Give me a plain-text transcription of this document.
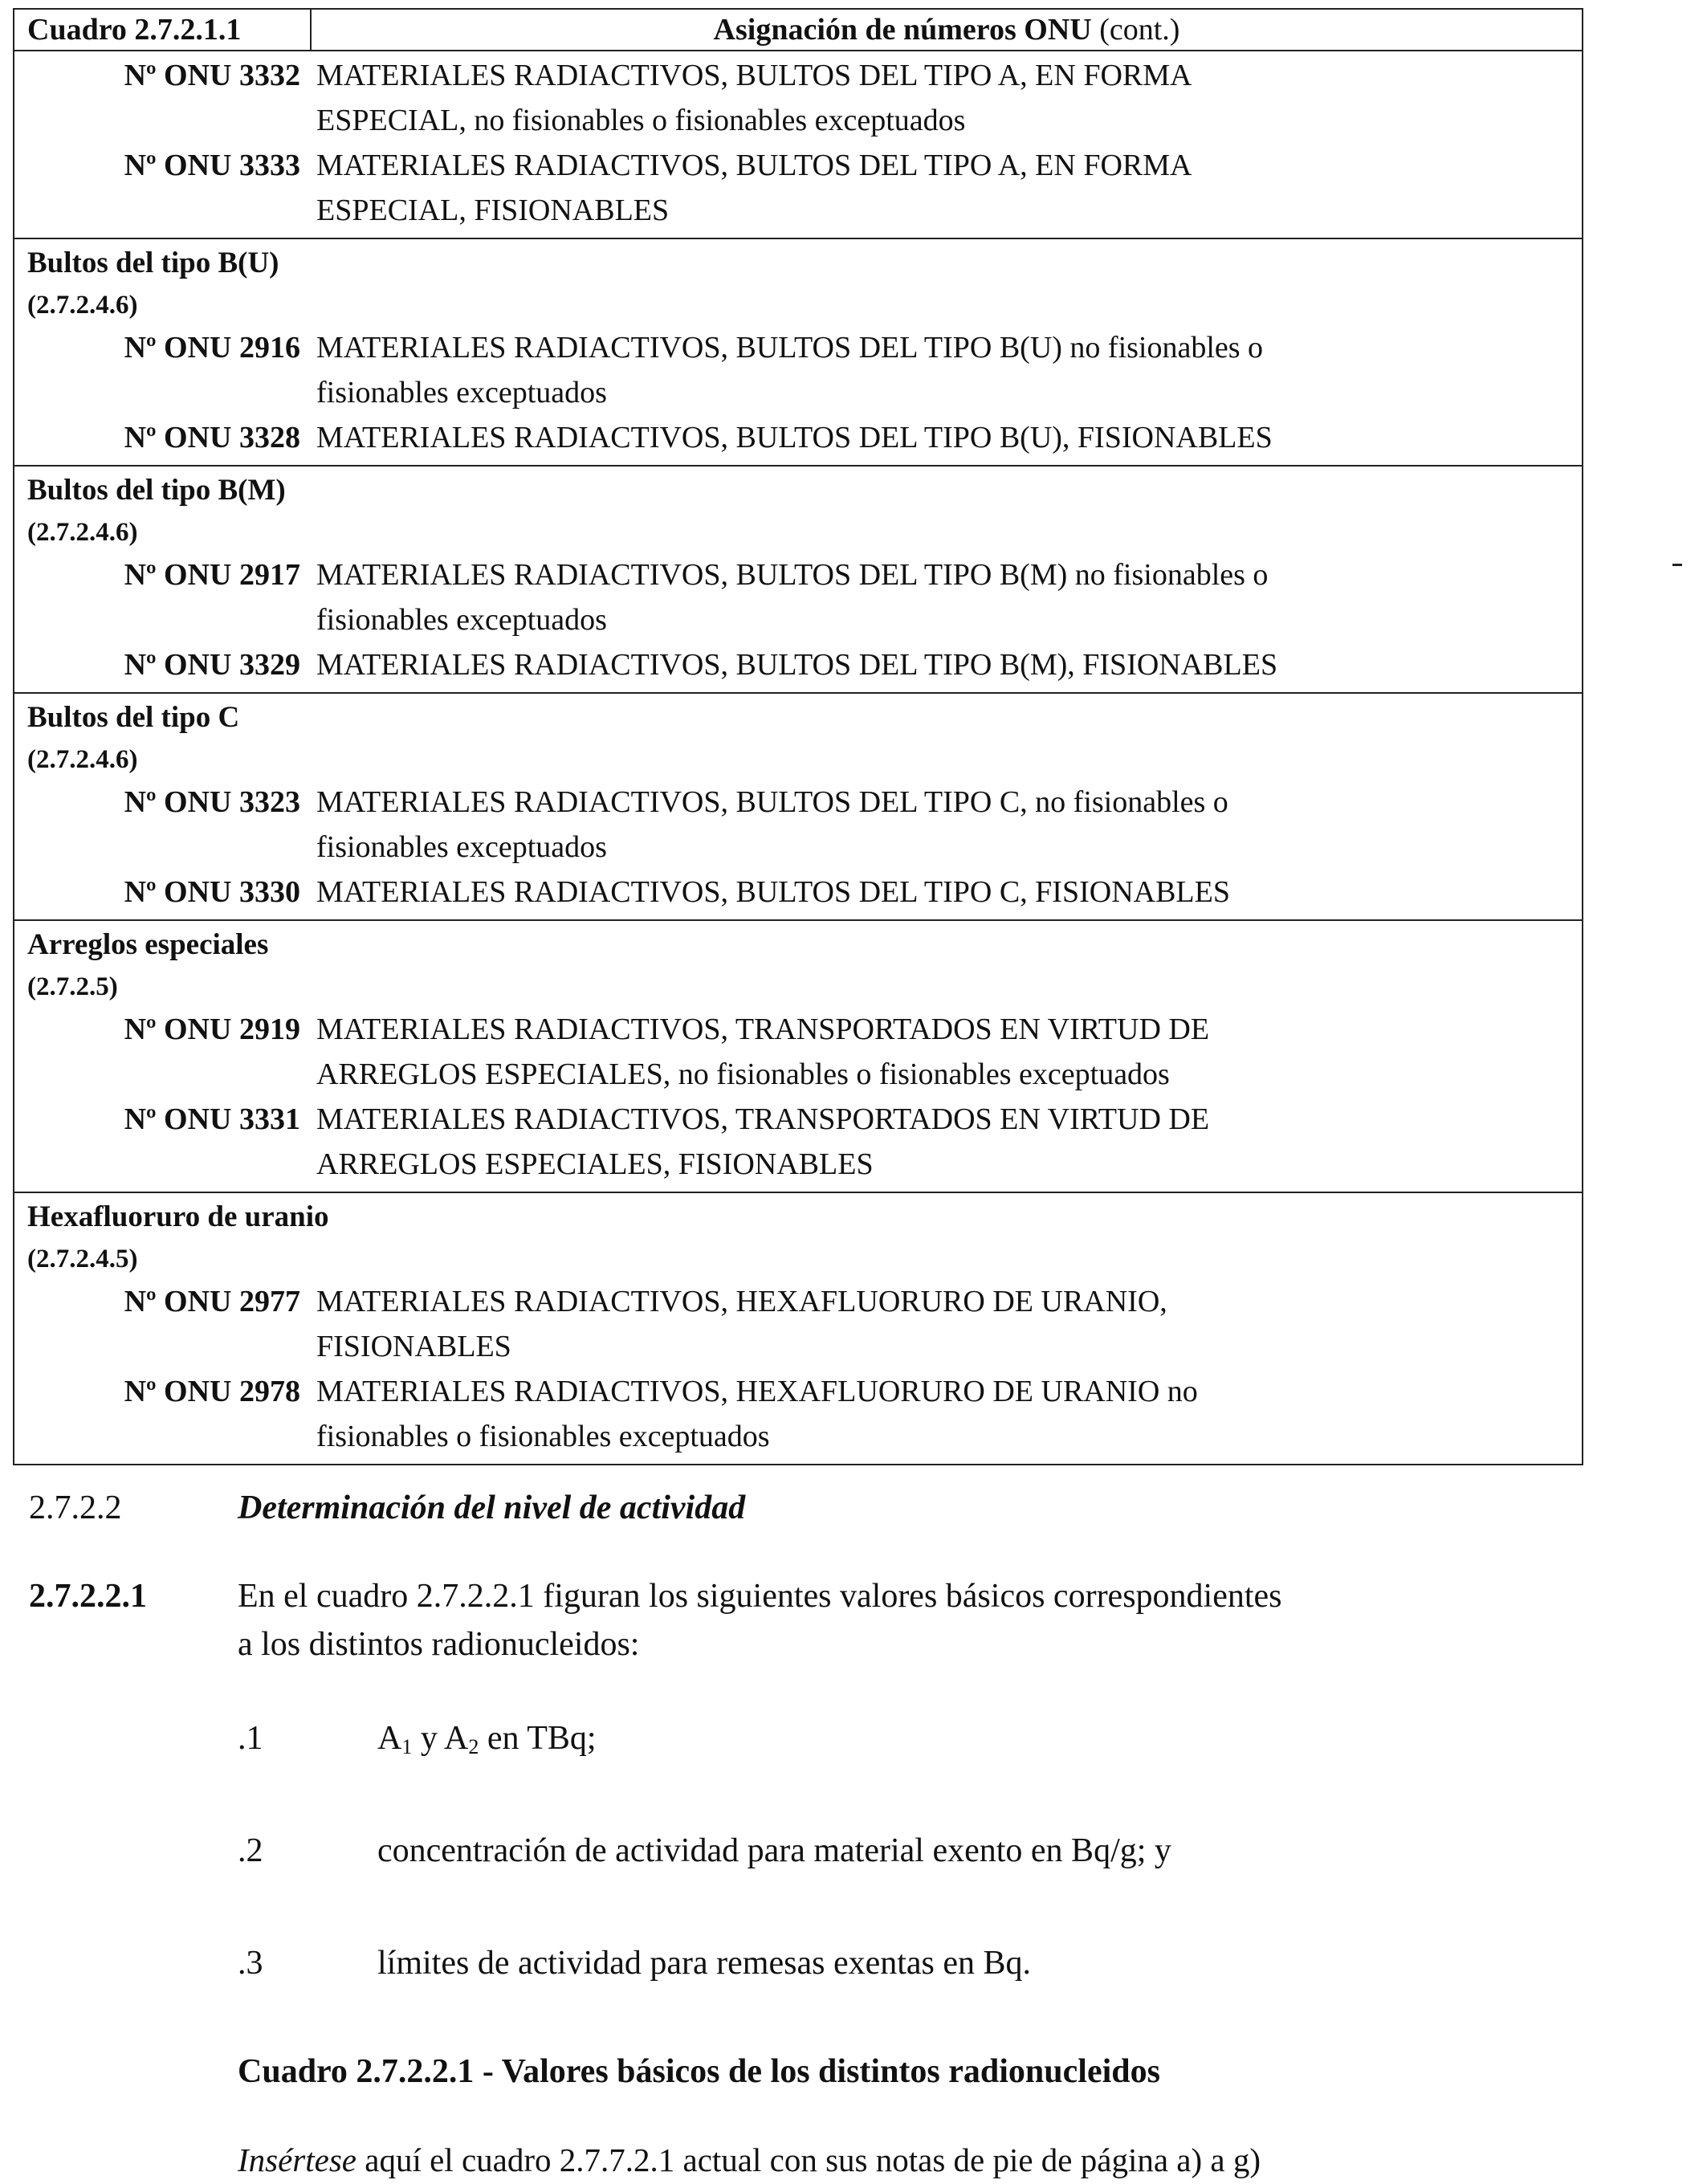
Cuadro 2.7.2.1.1	Asignación de números ONU (cont.)
Nº ONU 3332 MATERIALES RADIACTIVOS, BULTOS DEL TIPO A, EN FORMA
ESPECIAL, no fisionables o fisionables exceptuados
Nº ONU 3333 MATERIALES RADIACTIVOS, BULTOS DEL TIPO A, EN FORMA
ESPECIAL, FISIONABLES
Bultos del tipo B(U)
(2.7.2.4.6)
Nº ONU 2916 MATERIALES RADIACTIVOS, BULTOS DEL TIPO B(U) no fisionables o
fisionables exceptuados
Nº ONU 3328 MATERIALES RADIACTIVOS, BULTOS DEL TIPO B(U), FISIONABLES
Bultos del tipo B(M)
(2.7.2.4.6)
Nº ONU 2917 MATERIALES RADIACTIVOS, BULTOS DEL TIPO B(M) no fisionables o
fisionables exceptuados
Nº ONU 3329 MATERIALES RADIACTIVOS, BULTOS DEL TIPO B(M), FISIONABLES
Bultos del tipo C
(2.7.2.4.6)
Nº ONU 3323 MATERIALES RADIACTIVOS, BULTOS DEL TIPO C, no fisionables o
fisionables exceptuados
Nº ONU 3330 MATERIALES RADIACTIVOS, BULTOS DEL TIPO C, FISIONABLES
Arreglos especiales
(2.7.2.5)
Nº ONU 2919 MATERIALES RADIACTIVOS, TRANSPORTADOS EN VIRTUD DE
ARREGLOS ESPECIALES, no fisionables o fisionables exceptuados
Nº ONU 3331 MATERIALES RADIACTIVOS, TRANSPORTADOS EN VIRTUD DE
ARREGLOS ESPECIALES, FISIONABLES
Hexafluoruro de uranio
(2.7.2.4.5)
Nº ONU 2977 MATERIALES RADIACTIVOS, HEXAFLUORURO DE URANIO,
FISIONABLES
Nº ONU 2978 MATERIALES RADIACTIVOS, HEXAFLUORURO DE URANIO no
fisionables o fisionables exceptuados
2.7.2.2	Determinación del nivel de actividad
2.7.2.2.1	En el cuadro 2.7.2.2.1 figuran los siguientes valores básicos correspondientes
a los distintos radionucleidos:
.1	$A_1$ y $A_2$ en TBq;
.2	concentración de actividad para material exento en Bq/g; y
.3	límites de actividad para remesas exentas en Bq.
Cuadro 2.7.2.2.1 - Valores básicos de los distintos radionucleidos
Insértese aquí el cuadro 2.7.7.2.1 actual con sus notas de pie de página a) a g)
